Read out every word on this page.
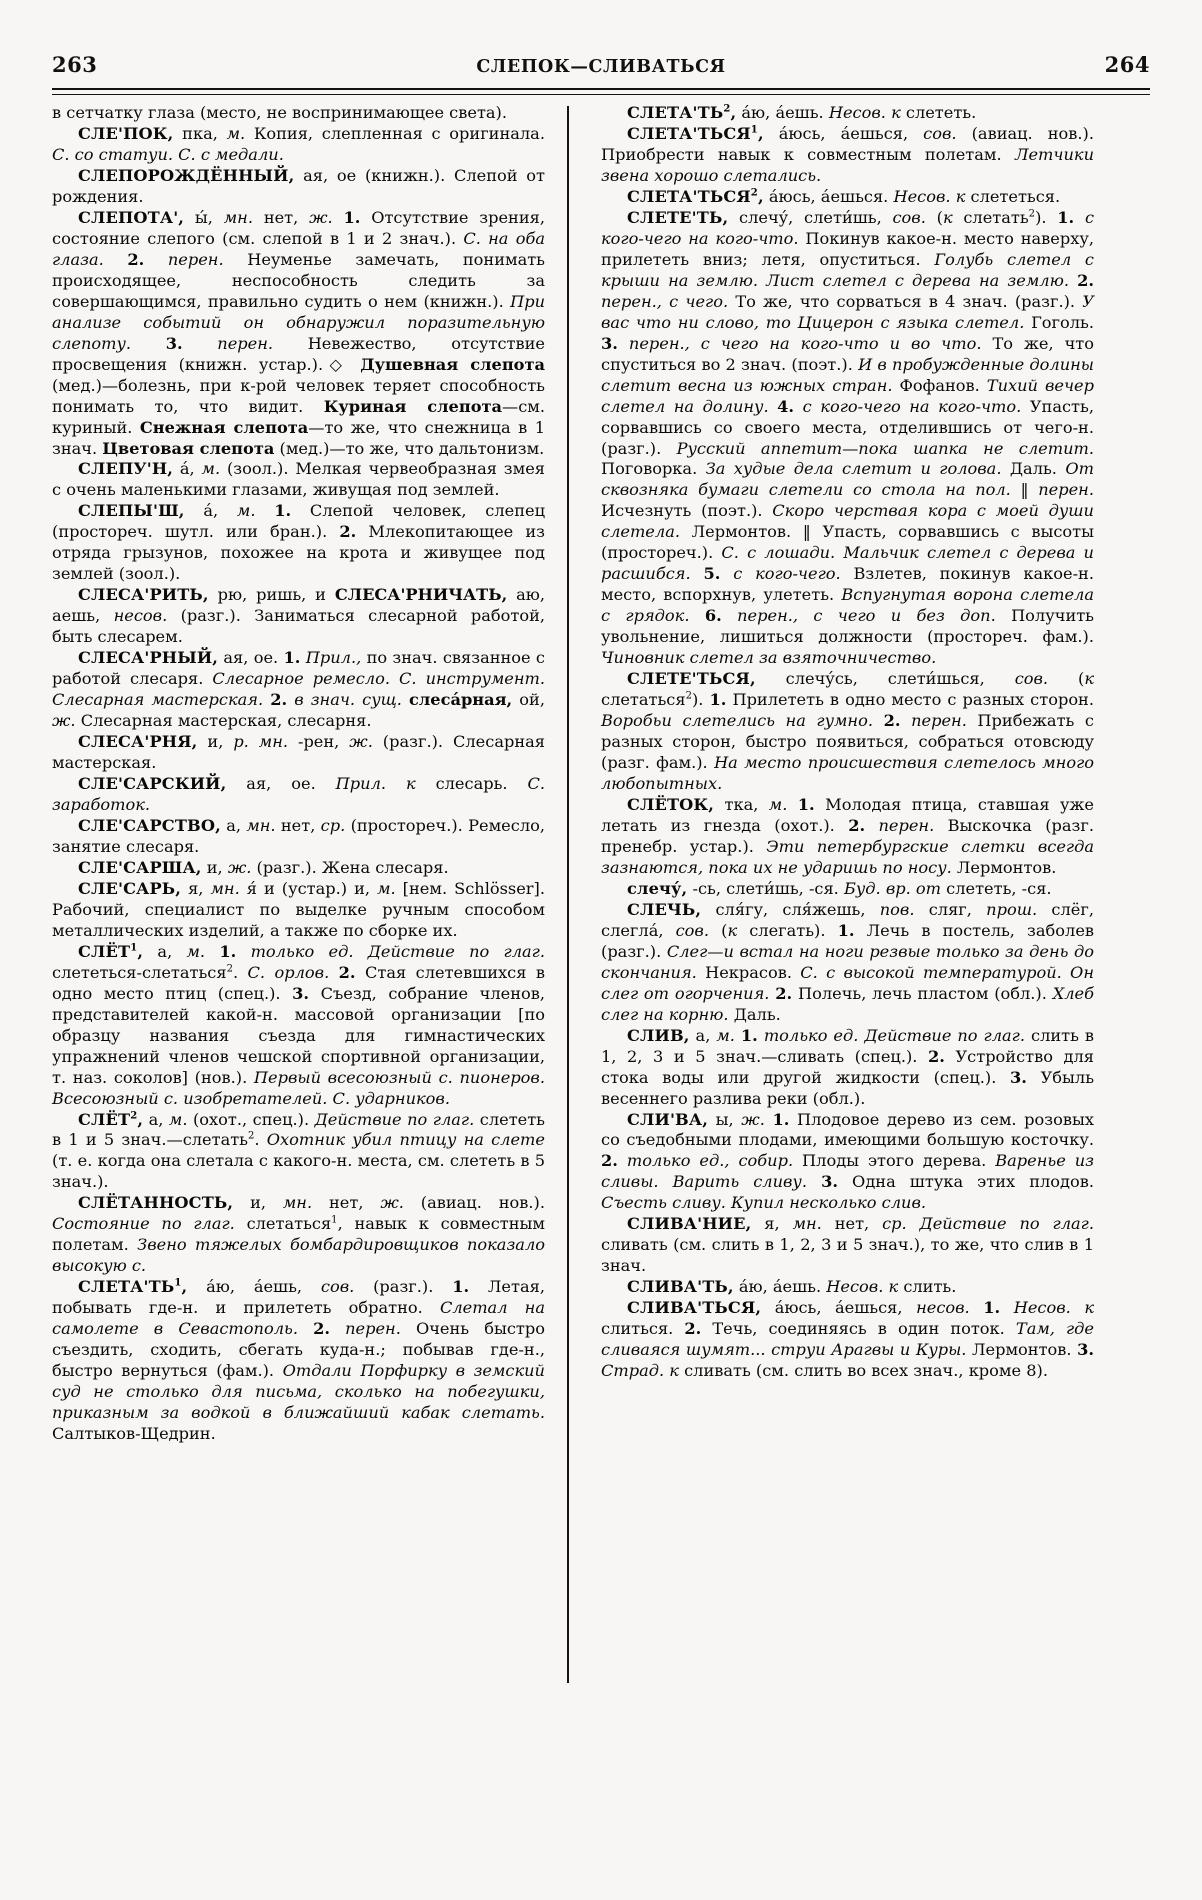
263	СЛЕПОК—СЛИВАТЬСЯ	264

в сетчатку глаза (место, не воспринимающее света).

СЛЕ'ПОК, пка, м. Копия, слепленная с оригинала. С. со статуи. С. с медали.

СЛЕПОРОЖДЁННЫЙ, ая, ое (книжн.). Слепой от рождения.

СЛЕПОТА', ы́, мн. нет, ж. 1. Отсутствие зрения, состояние слепого (см. слепой в 1 и 2 знач.). С. на оба глаза. 2. перен. Неуменье замечать, понимать происходящее, неспособность следить за совершающимся, правильно судить о нем (книжн.). При анализе событий он обнаружил поразительную слепоту. 3. перен. Невежество, отсутствие просвещения (книжн. устар.).◇ Душевная слепота (мед.)—болезнь, при к-рой человек теряет способность понимать то, что видит. Куриная слепота—см. куриный. Снежная слепота—то же, что снежница в 1 знач. Цветовая слепота (мед.)—то же, что дальтонизм.

СЛЕПУ'Н, á, м. (зоол.). Мелкая червеобразная змея с очень маленькими глазами, живущая под землей.

СЛЕПЫ'Ш, á, м. 1. Слепой человек, слепец (простореч. шутл. или бран.). 2. Млекопитающее из отряда грызунов, похожее на крота и живущее под землей (зоол.).

СЛЕСА'РИТЬ, рю, ришь, и СЛЕСА'РНИЧАТЬ, аю, аешь, несов. (разг.). Заниматься слесарной работой, быть слесарем.

СЛЕСА'РНЫЙ, ая, ое. 1. Прил., по знач. связанное с работой слесаря. Слесарное ремесло. С. инструмент. Слесарная мастерская. 2. в знач. сущ. слеса́рная, ой, ж. Слесарная мастерская, слесарня.

СЛЕСА'РНЯ, и, р. мн. -рен, ж. (разг.). Слесарная мастерская.

СЛЕ'САРСКИЙ, ая, ое. Прил. к слесарь. С. заработок.

СЛЕ'САРСТВО, а, мн. нет, ср. (простореч.). Ремесло, занятие слесаря.

СЛЕ'САРША, и, ж. (разг.). Жена слесаря.

СЛЕ'САРЬ, я, мн. я́ и (устар.) и, м. [нем. Schlösser]. Рабочий, специалист по выделке ручным способом металлических изделий, а также по сборке их.

СЛЁТ$^1$, а, м. 1. только ед. Действие по глаг. слететься-слетаться$^2$. С. орлов. 2. Стая слетевшихся в одно место птиц (спец.). 3. Съезд, собрание членов, представителей какой-н. массовой организации [по образцу названия съезда для гимнастических упражнений членов чешской спортивной организации, т. наз. соколов] (нов.). Первый всесоюзный с. пионеров. Всесоюзный с. изобретателей. С. ударников.

СЛЁТ$^2$, а, м. (охот., спец.). Действие по глаг. слететь в 1 и 5 знач.—слетать$^2$. Охотник убил птицу на слете (т. е. когда она слетала с какого-н. места, см. слететь в 5 знач.).

СЛЁТАННОСТЬ, и, мн. нет, ж. (авиац. нов.). Состояние по глаг. слетаться$^1$, навык к совместным полетам. Звено тяжелых бомбардировщиков показало высокую с.

$СЛЕТА'ТЬ^1$, áю, áешь, сов. (разг.). 1. Летая, побывать где-н. и прилететь обратно. Слетал на самолете в Севастополь. 2. перен. Очень быстро съездить, сходить, сбегать куда-н.; побывав где-н., быстро вернуться (фам.). Отдали Порфирку в земский суд не столько для письма, сколько на побегушки, приказным за водкой в ближайший кабак слетать. Салтыков-Щедрин.

$СЛЕТА'ТЬ^2$, áю, áешь. Несов. к слететь.

СЛЕТА'ТЬСЯ$^1$, áюсь, áешься, сов. (авиац. нов.). Приобрести навык к совместным полетам. Летчики звена хорошо слетались.

СЛЕТА'ТЬСЯ$^2$, áюсь, áешься. Несов. к слететься.

СЛЕТЕ'ТЬ, слечу́, слети́шь, сов. (к слетать$^2$). 1. с кого-чего на кого-что. Покинув какое-н. место наверху, прилететь вниз; летя, опуститься. Голубь слетел с крыши на землю. Лист слетел с дерева на землю. 2. перен., с чего. То же, что сорваться в 4 знач. (разг.). У вас что ни слово, то Цицерон с языка слетел. Гоголь. 3. перен., с чего на кого-что и во что. То же, что спуститься во 2 знач. (поэт.). И в пробужденные долины слетит весна из южных стран. Фофанов. Тихий вечер слетел на долину. 4. с кого-чего на кого-что. Упасть, сорвавшись со своего места, отделившись от чего-н. (разг.). Русский аппетит—пока шапка не слетит. Поговорка. За худые дела слетит и голова. Даль. От сквозняка бумаги слетели со стола на пол. ‖ перен. Исчезнуть (поэт.). Скоро черствая кора с моей души слетела. Лермонтов. ‖ Упасть, сорвавшись с высоты (простореч.). С. с лошади. Мальчик слетел с дерева и расшибся. 5. с кого-чего. Взлетев, покинув какое-н. место, вспорхнув, улететь. Вспугнутая ворона слетела с грядок. 6. перен., с чего и без доп. Получить увольнение, лишиться должности (простореч. фам.). Чиновник слетел за взяточничество.

СЛЕТЕ'ТЬСЯ, слечу́сь, слети́шься, сов. (к слетаться$^2$). 1. Прилететь в одно место с разных сторон. Воробьи слетелись на гумно. 2. перен. Прибежать с разных сторон, быстро появиться, собраться отовсюду (разг. фам.). На место происшествия слетелось много любопытных.

СЛЁТОК, тка, м. 1. Молодая птица, ставшая уже летать из гнезда (охот.). 2. перен. Выскочка (разг. пренебр. устар.). Эти петербургские слетки всегда зазнаются, пока их не ударишь по носу. Лермонтов.

слечу́, -сь, слети́шь, -ся. Буд. вр. от слететь, -ся.

СЛЕЧЬ, сля́гу, сля́жешь, пов. сляг, прош. слёг, слегла́, сов. (к слегать). 1. Лечь в постель, заболев (разг.). Слег—и встал на ноги резвые только за день до скончания. Некрасов. С. с высокой температурой. Он слег от огорчения. 2. Полечь, лечь пластом (обл.). Хлеб слег на корню. Даль.

СЛИВ, а, м. 1. только ед. Действие по глаг. слить в 1, 2, 3 и 5 знач.—сливать (спец.). 2. Устройство для стока воды или другой жидкости (спец.). 3. Убыль весеннего разлива реки (обл.).

СЛИ'ВА, ы, ж. 1. Плодовое дерево из сем. розовых со съедобными плодами, имеющими большую косточку. 2. только ед., собир. Плоды этого дерева. Варенье из сливы. Варить сливу. 3. Одна штука этих плодов. Съесть сливу. Купил несколько слив.

СЛИВА'НИЕ, я, мн. нет, ср. Действие по глаг. сливать (см. слить в 1, 2, 3 и 5 знач.), то же, что слив в 1 знач.

СЛИВА'ТЬ, áю, áешь. Несов. к слить.

СЛИВА'ТЬСЯ, áюсь, áешься, несов. 1. Несов. к слиться. 2. Течь, соединяясь в один поток. Там, где сливаяся шумят... струи Арагвы и Куры. Лермонтов. 3. Страд. к сливать (см. слить во всех знач., кроме 8).
